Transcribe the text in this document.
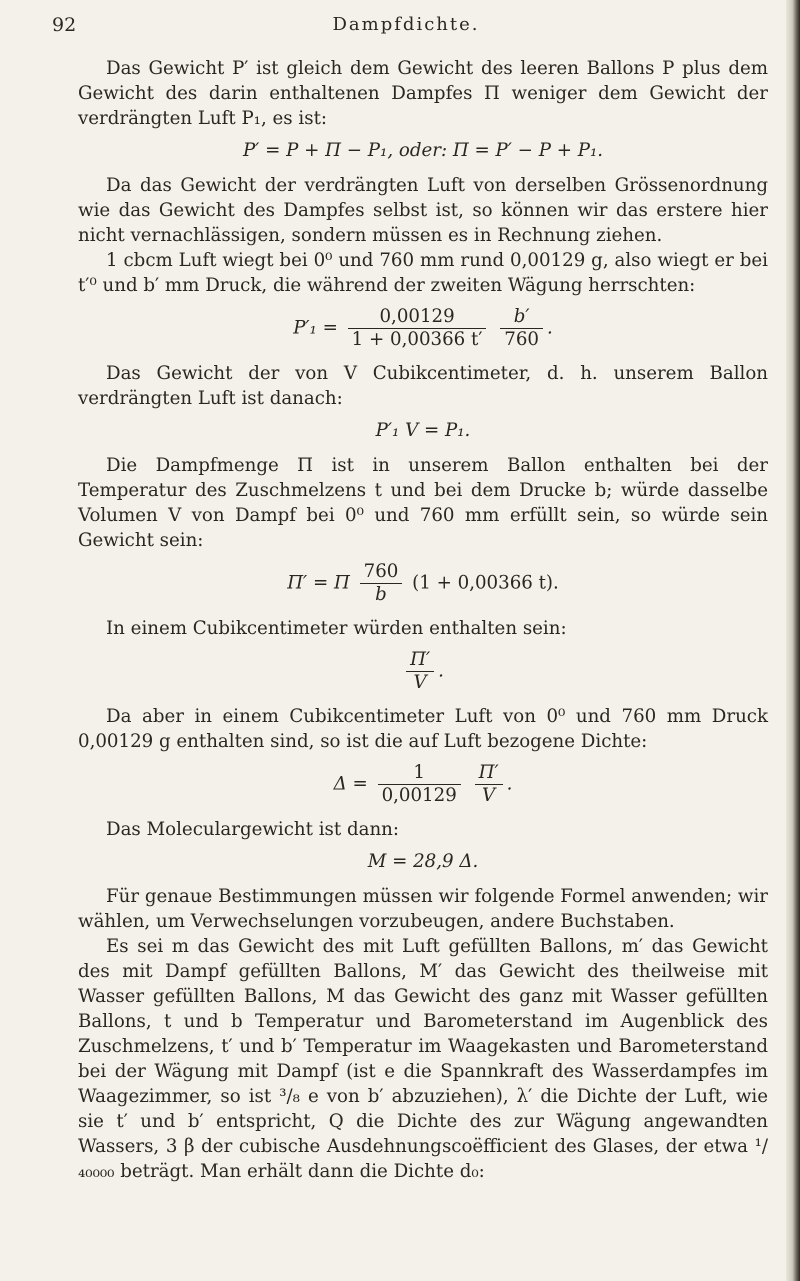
92	Dampfdichte.

Das Gewicht P′ ist gleich dem Gewicht des leeren Ballons P plus dem Gewicht des darin enthaltenen Dampfes Π weniger dem Gewicht der verdrängten Luft P₁, es ist:

P′ = P + Π − P₁, oder: Π = P′ − P + P₁.

Da das Gewicht der verdrängten Luft von derselben Grössenordnung wie das Gewicht des Dampfes selbst ist, so können wir das erstere hier nicht vernachlässigen, sondern müssen es in Rechnung ziehen.

1 cbcm Luft wiegt bei 0⁰ und 760 mm rund 0,00129 g, also wiegt er bei t′⁰ und b′ mm Druck, die während der zweiten Wägung herrschten:

$P'_1 = \frac{0,00129}{1 + 0,00366 t'}$
$\frac{b'}{760}$ .

Das Gewicht der von V Cubikcentimeter, d. h. unserem Ballon verdrängten Luft ist danach:

P′₁ V = P₁.

Die Dampfmenge Π ist in unserem Ballon enthalten bei der Temperatur des Zuschmelzens t und bei dem Drucke b; würde dasselbe Volumen V von Dampf bei 0⁰ und 760 mm erfüllt sein, so würde sein Gewicht sein:

Π′ = Π $\frac{760}{b} (1 + 0,00366$ t).

In einem Cubikcentimeter würden enthalten sein:

$\frac{\Pi'}{V}$ .

Da aber in einem Cubikcentimeter Luft von 0⁰ und 760 mm Druck 0,00129 g enthalten sind, so ist die auf Luft bezogene Dichte:

$\Delta = \frac{1}{0,00129}$
$\frac{\Pi'}{V}$ .

Das Moleculargewicht ist dann:

M = 28,9 Δ.

Für genaue Bestimmungen müssen wir folgende Formel anwenden; wir wählen, um Verwechselungen vorzubeugen, andere Buchstaben.

Es sei m das Gewicht des mit Luft gefüllten Ballons, m′ das Gewicht des mit Dampf gefüllten Ballons, M′ das Gewicht des theilweise mit Wasser gefüllten Ballons, M das Gewicht des ganz mit Wasser gefüllten Ballons, t und b Temperatur und Barometerstand im Augenblick des Zuschmelzens, t′ und b′ Temperatur im Waagekasten und Barometerstand bei der Wägung mit Dampf (ist e die Spannkraft des Wasserdampfes im Waagezimmer, so ist ³/₈ e von b′ abzuziehen), λ′ die Dichte der Luft, wie sie t′ und b′ entspricht, Q die Dichte des zur Wägung angewandten Wassers, 3 β der cubische Ausdehnungscoëfficient des Glases, der etwa ¹/₄₀₀₀₀ beträgt. Man erhält dann die Dichte d₀:
